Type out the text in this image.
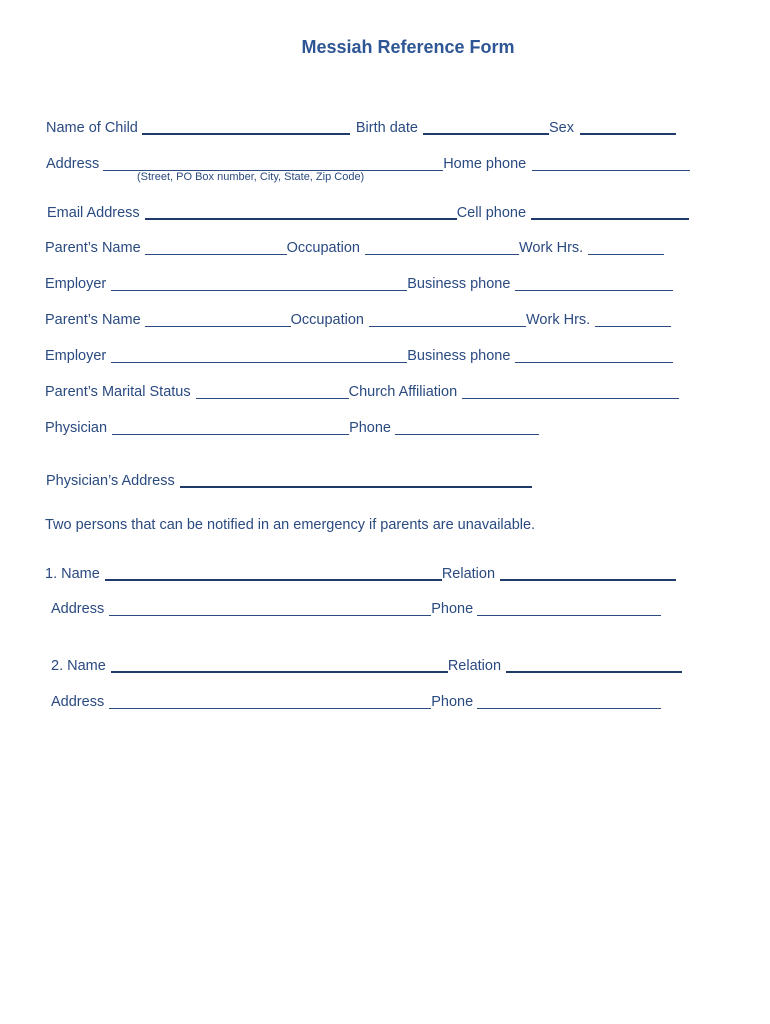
Messiah Reference Form
Name of Child	Birth date	Sex
Address	Home phone
(Street, PO Box number, City, State, Zip Code)
Email Address	Cell phone
Parent’s Name	Occupation	Work Hrs.
Employer	Business phone
Parent’s Name	Occupation	Work Hrs.
Employer	Business phone
Parent’s Marital Status	Church Affiliation
Physician	Phone
Physician’s Address
Two persons that can be notified in an emergency if parents are unavailable.
1. Name	Relation
Address	Phone
2. Name	Relation
Address	Phone
